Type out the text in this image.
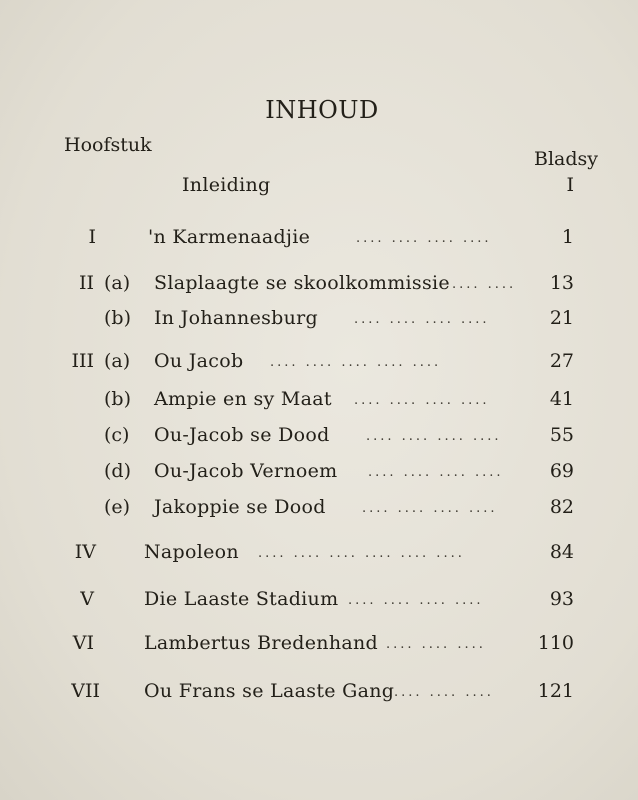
INHOUD
Hoofstuk
Bladsy
Inleiding	I
I	'n Karmenaadjie	.... .... .... ....	1
II (a)	Slaplaagte se skoolkommissie .... ....	13
(b)	In Johannesburg	.... .... .... ....	21
III (a)	Ou Jacob .... .... .... .... ....	27
(b)	Ampie en sy Maat .... .... .... ....	41
(c)	Ou-Jacob se Dood	.... .... .... ....	55
(d)	Ou-Jacob Vernoem .... .... .... ....	69
(e)	Jakoppie se Dood	.... .... .... ....	82
IV	Napoleon .... .... .... .... .... ....	84
V	Die Laaste Stadium .... .... .... ....	93
VI	Lambertus Bredenhand .... .... ....	110
VII Ou Frans se Laaste Gang .... .... ....	121
